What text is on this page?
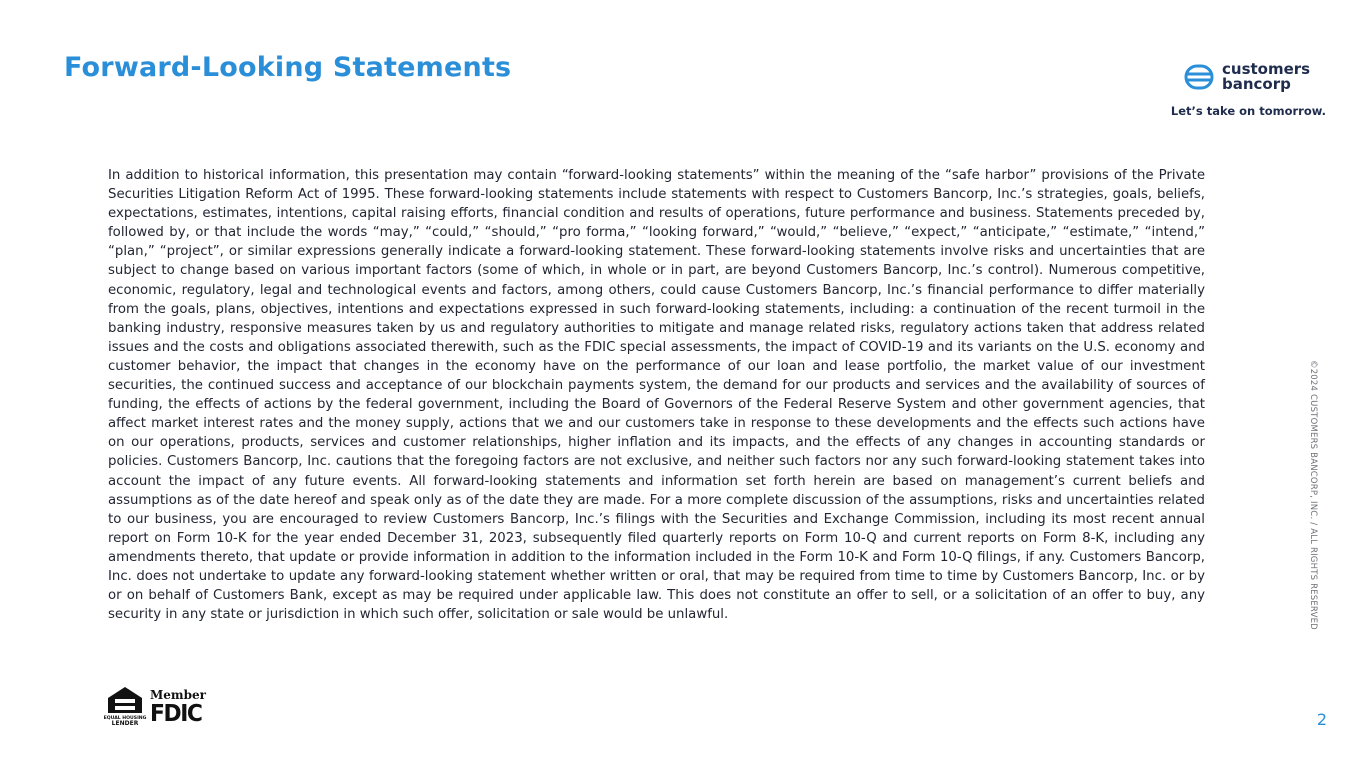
Forward-Looking Statements	customers
bancorp
Let’s take on tomorrow.

In addition to historical information, this presentation may contain “forward-looking statements” within the meaning of the “safe harbor” provisions of the Private Securities Litigation Reform Act of 1995. These forward-looking statements include statements with respect to Customers Bancorp, Inc.’s strategies, goals, beliefs, expectations, estimates, intentions, capital raising efforts, financial condition and results of operations, future performance and business. Statements preceded by, followed by, or that include the words “may,” “could,” “should,” “pro forma,” “looking forward,” “would,” “believe,” “expect,” “anticipate,” “estimate,” “intend,” “plan,” “project”, or similar expressions generally indicate a forward-looking statement. These forward-looking statements involve risks and uncertainties that are subject to change based on various important factors (some of which, in whole or in part, are beyond Customers Bancorp, Inc.’s control). Numerous competitive, economic, regulatory, legal and technological events and factors, among others, could cause Customers Bancorp, Inc.’s financial performance to differ materially from the goals, plans, objectives, intentions and expectations expressed in such forward-looking statements, including: a continuation of the recent turmoil in the banking industry, responsive measures taken by us and regulatory authorities to mitigate and manage related risks, regulatory actions taken that address related issues and the costs and obligations associated therewith, such as the FDIC special assessments, the impact of COVID-19 and its variants on the U.S. economy and customer behavior, the impact that changes in the economy have on the performance of our loan and lease portfolio, the market value of our investment securities, the continued success and acceptance of our blockchain payments system, the demand for our products and services and the availability of sources of funding, the effects of actions by the federal government, including the Board of Governors of the Federal Reserve System and other government agencies, that affect market interest rates and the money supply, actions that we and our customers take in response to these developments and the effects such actions have on our operations, products, services and customer relationships, higher inflation and its impacts, and the effects of any changes in accounting standards or policies. Customers Bancorp, Inc. cautions that the foregoing factors are not exclusive, and neither such factors nor any such forward-looking statement takes into account the impact of any future events. All forward-looking statements and information set forth herein are based on management’s current beliefs and assumptions as of the date hereof and speak only as of the date they are made. For a more complete discussion of the assumptions, risks and uncertainties related to our business, you are encouraged to review Customers Bancorp, Inc.’s filings with the Securities and Exchange Commission, including its most recent annual report on Form 10-K for the year ended December 31, 2023, subsequently filed quarterly reports on Form 10-Q and current reports on Form 8-K, including any amendments thereto, that update or provide information in addition to the information included in the Form 10-K and Form 10-Q filings, if any. Customers Bancorp, Inc. does not undertake to update any forward-looking statement whether written or oral, that may be required from time to time by Customers Bancorp, Inc. or by or on behalf of Customers Bank, except as may be required under applicable law. This does not constitute an offer to sell, or a solicitation of an offer to buy, any security in any state or jurisdiction in which such offer, solicitation or sale would be unlawful.	©2024 CUSTOMERS BANCORP, INC. / ALL RIGHTS RESERVED
EQUAL HOUSING
LENDER
Member
FDIC	2
